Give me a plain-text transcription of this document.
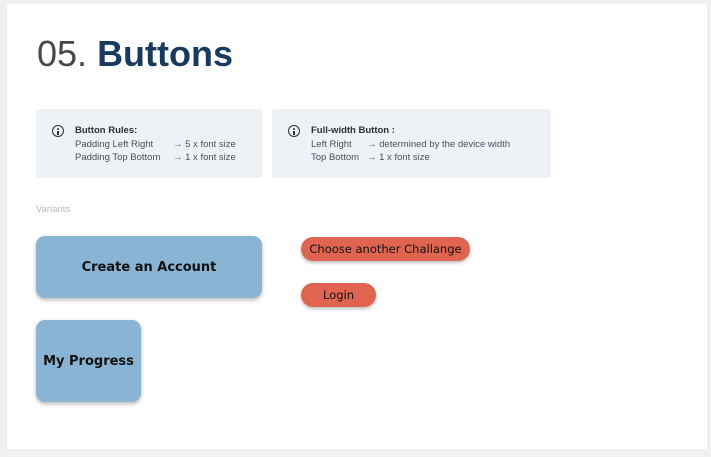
05. Buttons
Button Rules:
Padding Left Right → 5 x font size
Padding Top Bottom → 1 x font size
Full-width Button :
Left Right → determined by the device width
Top Bottom → 1 x font size
Variants
Create an Account
My Progress
Choose another Challange
Login
